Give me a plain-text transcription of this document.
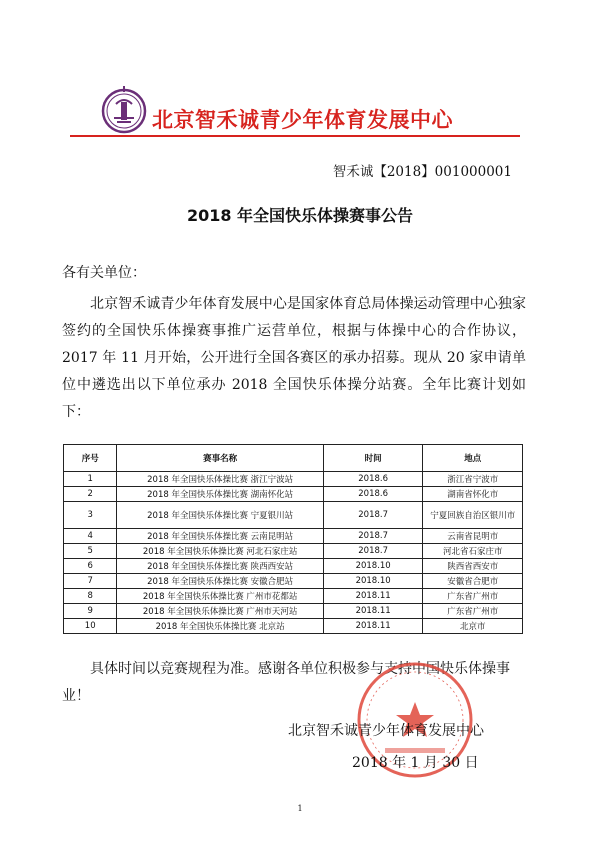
北京智禾诚青少年体育发展中心
智禾诚【2018】001000001
2018 年全国快乐体操赛事公告
各有关单位：

北京智禾诚青少年体育发展中心是国家体育总局体操运动管理中心独家签约的全国快乐体操赛事推广运营单位，根据与体操中心的合作协议，2017 年 11 月开始，公开进行全国各赛区的承办招募。现从 20 家申请单位中遴选出以下单位承办 2018 全国快乐体操分站赛。全年比赛计划如下：

序号	赛事名称	时间	地点
1	2018 年全国快乐体操比赛 浙江宁波站	2018.6	浙江省宁波市
2	2018 年全国快乐体操比赛 湖南怀化站	2018.6	湖南省怀化市
3	2018 年全国快乐体操比赛 宁夏银川站	2018.7	宁夏回族自治区银川市
4	2018 年全国快乐体操比赛 云南昆明站	2018.7	云南省昆明市
5	2018 年全国快乐体操比赛 河北石家庄站	2018.7	河北省石家庄市
6	2018 年全国快乐体操比赛 陕西西安站	2018.10	陕西省西安市
7	2018 年全国快乐体操比赛 安徽合肥站	2018.10	安徽省合肥市
8	2018 年全国快乐体操比赛 广州市花都站	2018.11	广东省广州市
9	2018 年全国快乐体操比赛 广州市天河站	2018.11	广东省广州市
10	2018 年全国快乐体操比赛 北京站	2018.11	北京市

具体时间以竞赛规程为准。感谢各单位积极参与支持中国快乐体操事业！

北京智禾诚青少年体育发展中心
2018 年 1 月 30 日
1
